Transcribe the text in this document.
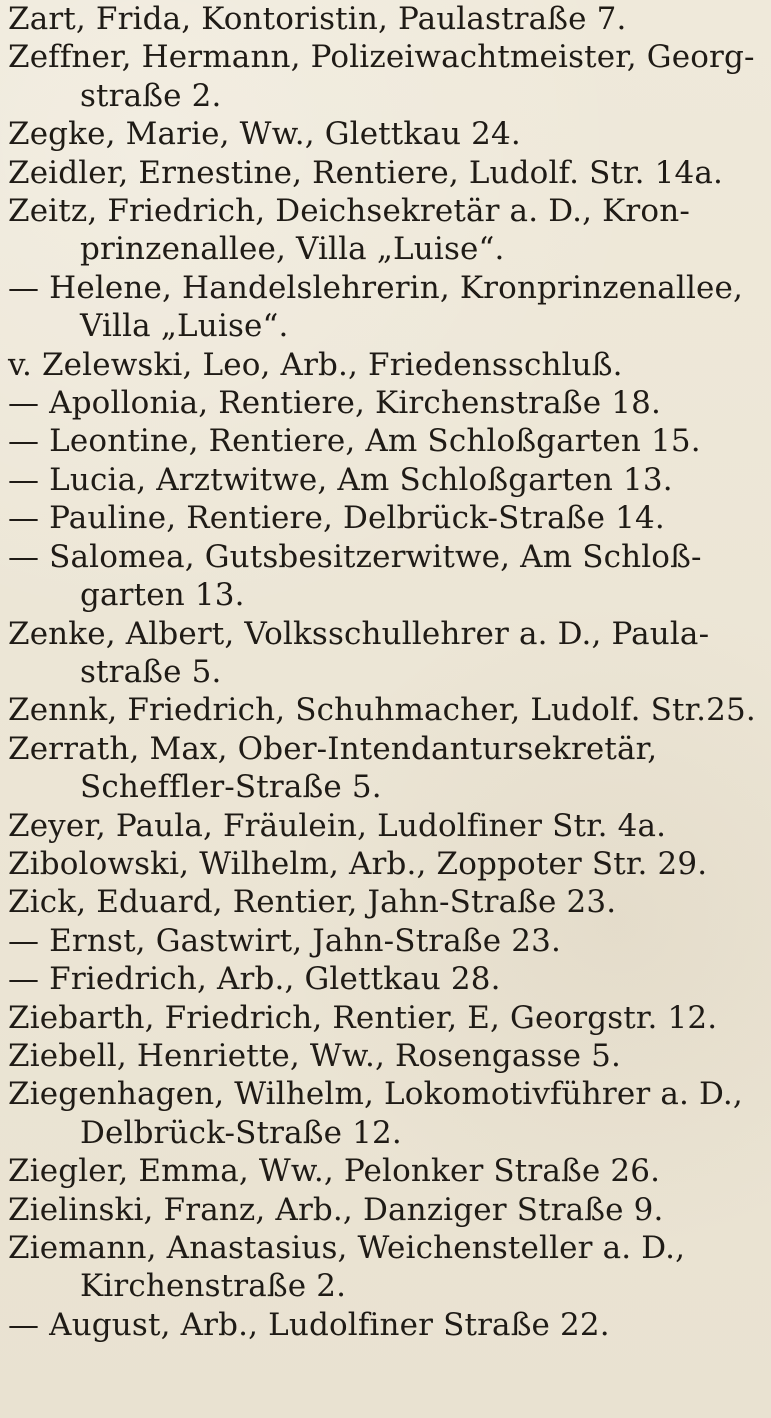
Zart, Frida, Kontoristin, Paulastraße 7.

Zeffner, Hermann, Polizeiwachtmeister, Georg-

straße 2.

Zegke, Marie, Ww., Glettkau 24.

Zeidler, Ernestine, Rentiere, Ludolf. Str. 14a.

Zeitz, Friedrich, Deichsekretär a. D., Kron-

prinzenallee, Villa „Luise“.

— Helene, Handelslehrerin, Kronprinzenallee,

Villa „Luise“.

v. Zelewski, Leo, Arb., Friedensschluß.

— Apollonia, Rentiere, Kirchenstraße 18.

— Leontine, Rentiere, Am Schloßgarten 15.

— Lucia, Arztwitwe, Am Schloßgarten 13.

— Pauline, Rentiere, Delbrück-Straße 14.

— Salomea, Gutsbesitzerwitwe, Am Schloß-

garten 13.

Zenke, Albert, Volksschullehrer a. D., Paula-

straße 5.

Zennk, Friedrich, Schuhmacher, Ludolf. Str.25.

Zerrath, Max, Ober-Intendantursekretär,

Scheffler-Straße 5.

Zeyer, Paula, Fräulein, Ludolfiner Str. 4a.

Zibolowski, Wilhelm, Arb., Zoppoter Str. 29.

Zick, Eduard, Rentier, Jahn-Straße 23.

— Ernst, Gastwirt, Jahn-Straße 23.

— Friedrich, Arb., Glettkau 28.

Ziebarth, Friedrich, Rentier, E, Georgstr. 12.

Ziebell, Henriette, Ww., Rosengasse 5.

Ziegenhagen, Wilhelm, Lokomotivführer a. D.,

Delbrück-Straße 12.

Ziegler, Emma, Ww., Pelonker Straße 26.

Zielinski, Franz, Arb., Danziger Straße 9.

Ziemann, Anastasius, Weichensteller a. D.,

Kirchenstraße 2.

— August, Arb., Ludolfiner Straße 22.
